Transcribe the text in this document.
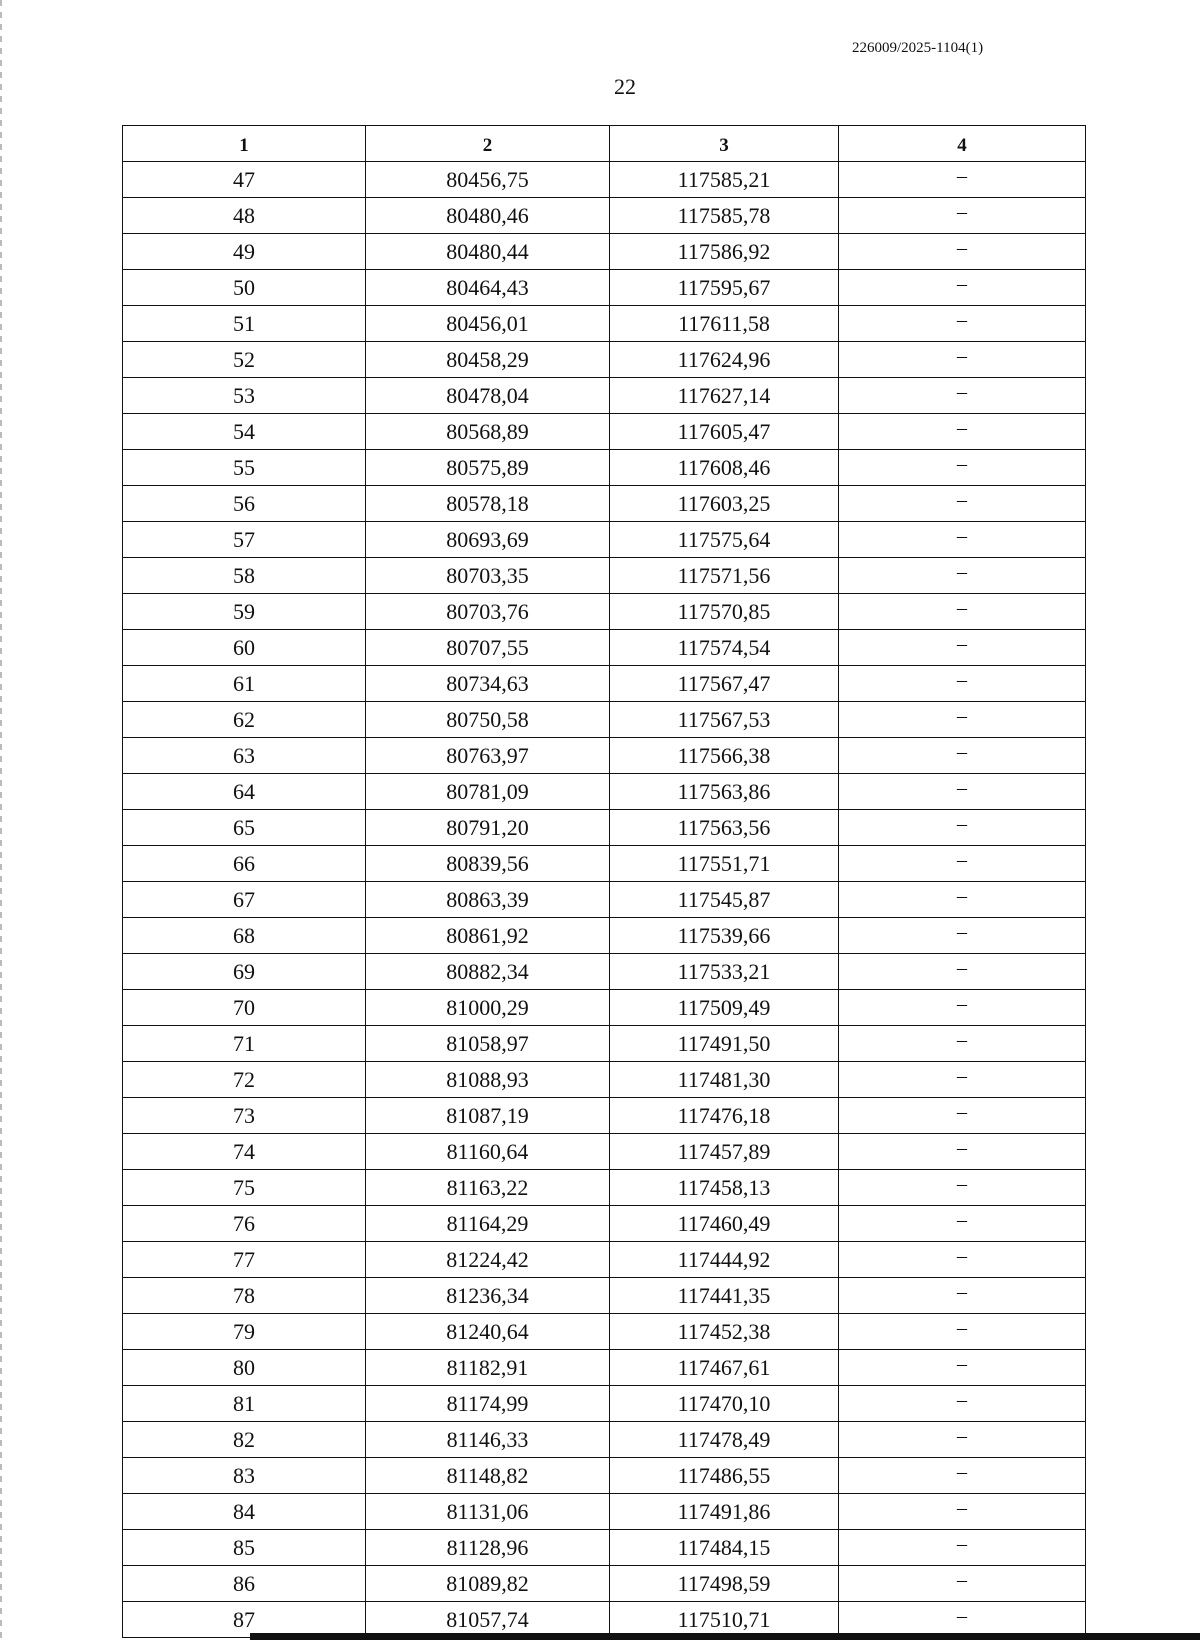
226009/2025-1104(1)
22
1	2	3	4
47	80456,75	117585,21	–
48	80480,46	117585,78	–
49	80480,44	117586,92	–
50	80464,43	117595,67	–
51	80456,01	117611,58	–
52	80458,29	117624,96	–
53	80478,04	117627,14	–
54	80568,89	117605,47	–
55	80575,89	117608,46	–
56	80578,18	117603,25	–
57	80693,69	117575,64	–
58	80703,35	117571,56	–
59	80703,76	117570,85	–
60	80707,55	117574,54	–
61	80734,63	117567,47	–
62	80750,58	117567,53	–
63	80763,97	117566,38	–
64	80781,09	117563,86	–
65	80791,20	117563,56	–
66	80839,56	117551,71	–
67	80863,39	117545,87	–
68	80861,92	117539,66	–
69	80882,34	117533,21	–
70	81000,29	117509,49	–
71	81058,97	117491,50	–
72	81088,93	117481,30	–
73	81087,19	117476,18	–
74	81160,64	117457,89	–
75	81163,22	117458,13	–
76	81164,29	117460,49	–
77	81224,42	117444,92	–
78	81236,34	117441,35	–
79	81240,64	117452,38	–
80	81182,91	117467,61	–
81	81174,99	117470,10	–
82	81146,33	117478,49	–
83	81148,82	117486,55	–
84	81131,06	117491,86	–
85	81128,96	117484,15	–
86	81089,82	117498,59	–
87	81057,74	117510,71	–
